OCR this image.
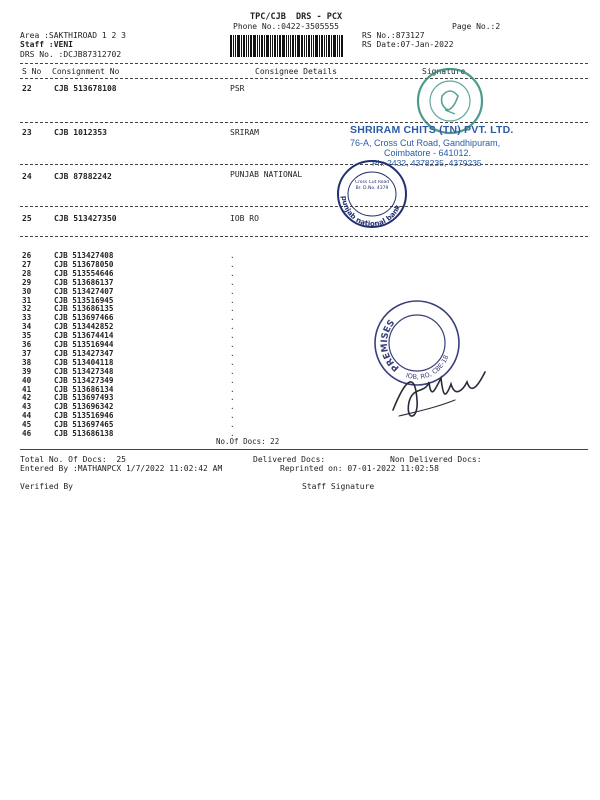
TPC/CJB  DRS - PCX
Phone No.:0422-3505555	Page No.:2
Area :SAKTHIROAD 1 2 3
Staff :VENI
DRS No. :DCJB87312702
RS No.:873127
RS Date:07-Jan-2022
S No Consignment No	Consignee Details	Signature
22	CJB 513678108	PSR
23	CJB 1012353	SRIRAM
24	CJB 87882242	PUNJAB NATIONAL
25	CJB 513427350	IOB RO
26	CJB 513427408	.
27	CJB 513678050	.
28	CJB 513554646	.
29	CJB 513686137	.
30	CJB 513427407	.
31	CJB 513516945	.
32	CJB 513686135	.
33	CJB 513697466	.
34	CJB 513442852	.
35	CJB 513674414	.
36	CJB 513516944	.
37	CJB 513427347	.
38	CJB 513404118	.
39	CJB 513427348	.
40	CJB 513427349	.
41	CJB 513686134	.
42	CJB 513697493	.
43	CJB 513696342	.
44	CJB 513516946	.
45	CJB 513697465	.
46	CJB 513686138	.
No.Of Docs: 22
Total No. Of Docs:  25	Delivered Docs:	Non Delivered Docs:
Entered By :MATHANPCX 1/7/2022 11:02:42 AM	Reprinted on: 07-01-2022 11:02:58
Verified By	Staff Signature
SHRIRAM CHITS (TN) PVT. LTD.
76-A, Cross Cut Road, Gandhipuram,
Coimbatore - 641012.
Ph: 2432, 4378235, 4379235
punjab national bank
Cross Cut Road Br. D.No. 4379
PREMISES
IOB, RO, CBE-18
